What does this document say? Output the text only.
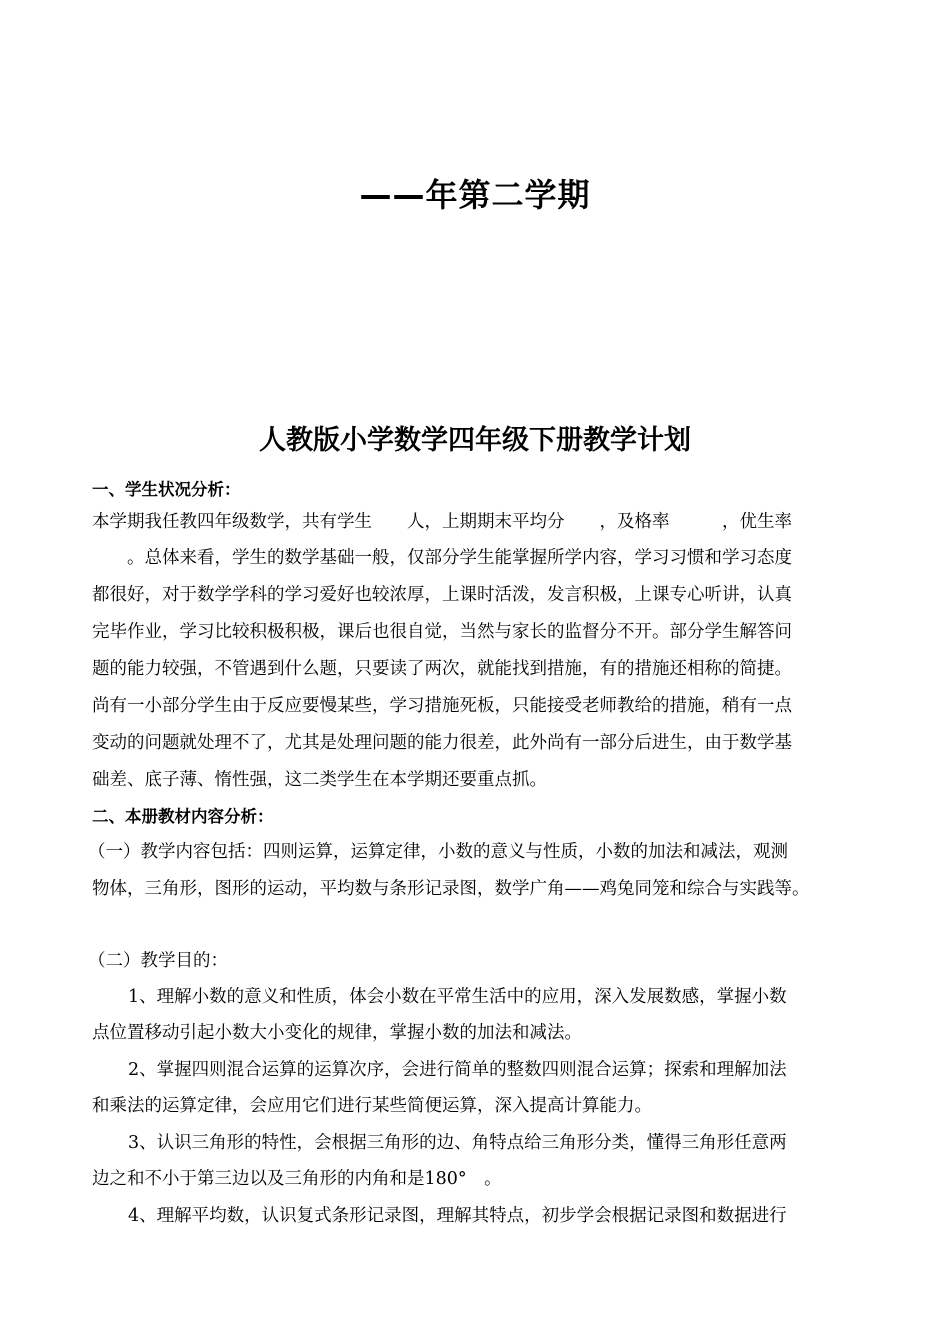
——年第二学期
人教版小学数学四年级下册教学计划
一、学生状况分析：
本学期我任教四年级数学，共有学生　　人，上期期末平均分　　，及格率　　　，优生率
　　。总体来看，学生的数学基础一般，仅部分学生能掌握所学内容，学习习惯和学习态度
都很好，对于数学学科的学习爱好也较浓厚，上课时活泼，发言积极，上课专心听讲，认真
完毕作业，学习比较积极积极，课后也很自觉，当然与家长的监督分不开。部分学生解答问
题的能力较强，不管遇到什么题，只要读了两次，就能找到措施，有的措施还相称的简捷。
尚有一小部分学生由于反应要慢某些，学习措施死板，只能接受老师教给的措施，稍有一点
变动的问题就处理不了，尤其是处理问题的能力很差，此外尚有一部分后进生，由于数学基
础差、底子薄、惰性强，这二类学生在本学期还要重点抓。
二、本册教材内容分析：
（一）教学内容包括：四则运算，运算定律，小数的意义与性质，小数的加法和减法，观测
物体，三角形，图形的运动，平均数与条形记录图，数学广角——鸡兔同笼和综合与实践等。
（二）教学目的：
1、理解小数的意义和性质，体会小数在平常生活中的应用，深入发展数感，掌握小数
点位置移动引起小数大小变化的规律，掌握小数的加法和减法。
2、掌握四则混合运算的运算次序，会进行简单的整数四则混合运算；探索和理解加法
和乘法的运算定律，会应用它们进行某些简便运算，深入提高计算能力。
3、认识三角形的特性，会根据三角形的边、角特点给三角形分类，懂得三角形任意两
边之和不小于第三边以及三角形的内角和是180°　。
4、理解平均数，认识复式条形记录图，理解其特点，初步学会根据记录图和数据进行
